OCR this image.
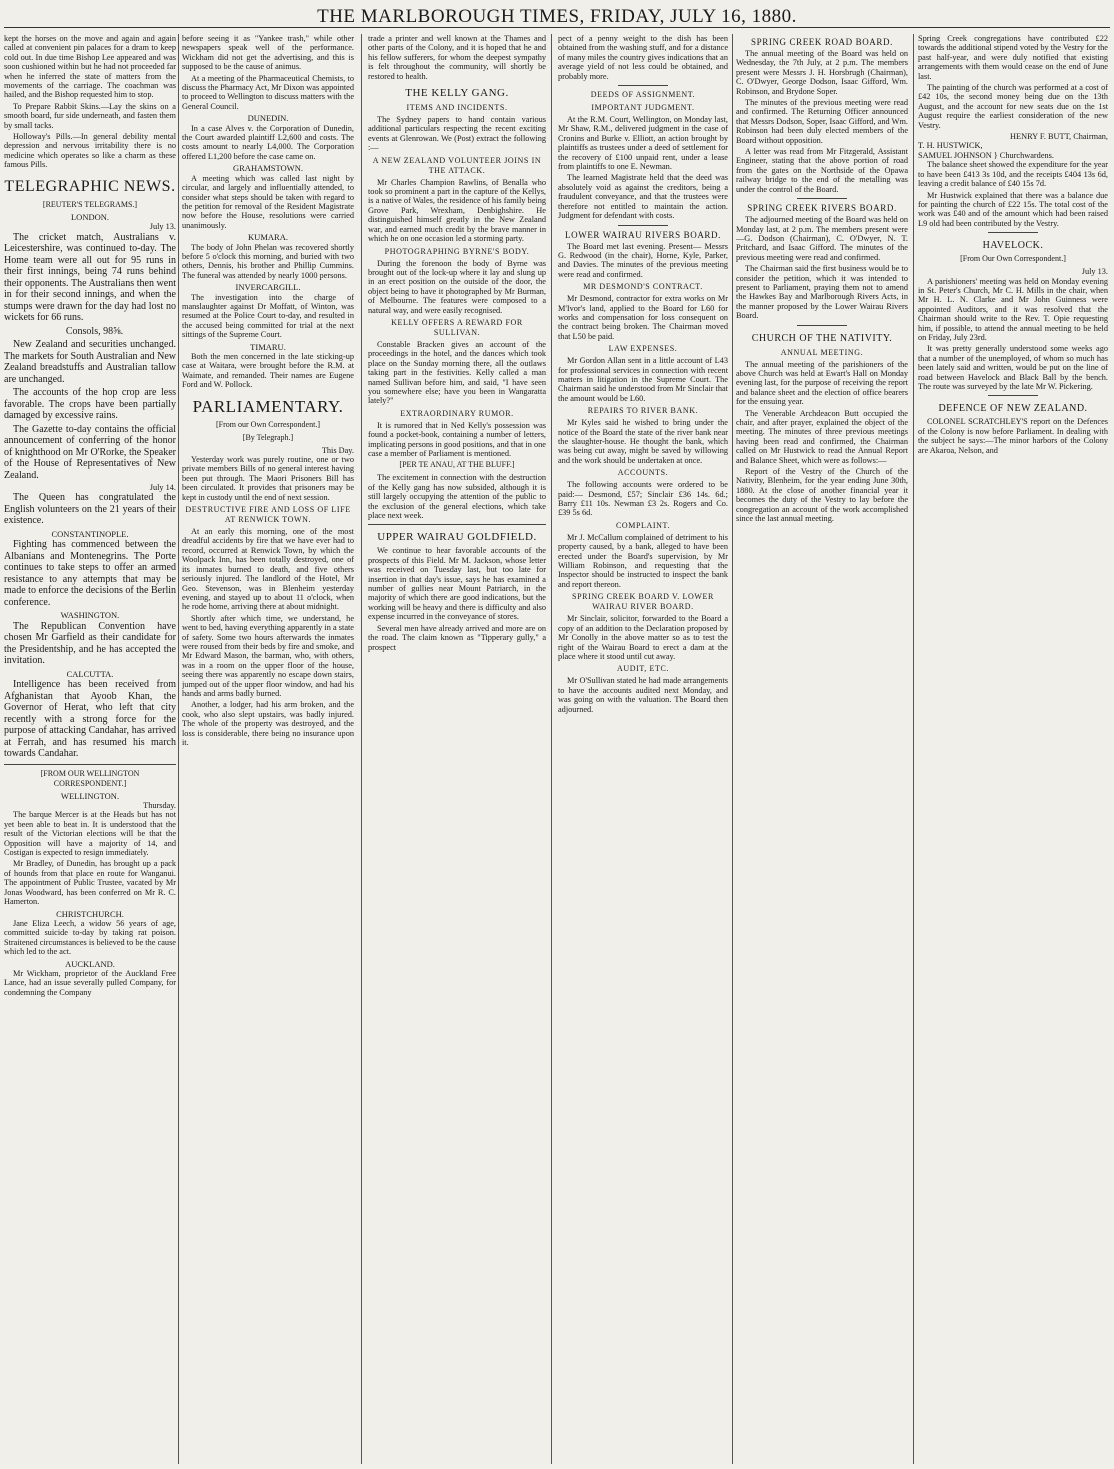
THE MARLBOROUGH TIMES, FRIDAY, JULY 16, 1880.

kept the horses on the move and again and again called at convenient pin palaces for a dram to keep cold out. In due time Bishop Lee appeared and was soon cushioned within but he had not proceeded far when he inferred the state of matters from the movements of the carriage. The coachman was hailed, and the Bishop requested him to stop.

To Prepare Rabbit Skins.—Lay the skins on a smooth board, fur side underneath, and fasten them by small tacks.

Holloway's Pills.—In general debility mental depression and nervous irritability there is no medicine which operates so like a charm as these famous Pills.

TELEGRAPHIC NEWS.
[REUTER'S TELEGRAMS.]
LONDON.
July 13.

The cricket match, Australians v. Leicestershire, was continued to-day. The Home team were all out for 95 runs in their first innings, being 74 runs behind their opponents. The Australians then went in for their second innings, and when the stumps were drawn for the day had lost no wickets for 66 runs.

Consols, 98⅝.

New Zealand and securities unchanged. The markets for South Australian and New Zealand breadstuffs and Australian tallow are unchanged.

The accounts of the hop crop are less favorable. The crops have been partially damaged by excessive rains.

The Gazette to-day contains the official announcement of conferring of the honor of knighthood on Mr O'Rorke, the Speaker of the House of Representatives of New Zealand.

July 14.

The Queen has congratulated the English volunteers on the 21 years of their existence.

CONSTANTINOPLE.

Fighting has commenced between the Albanians and Montenegrins. The Porte continues to take steps to offer an armed resistance to any attempts that may be made to enforce the decisions of the Berlin conference.

WASHINGTON.

The Republican Convention have chosen Mr Garfield as their candidate for the Presidentship, and he has accepted the invitation.

CALCUTTA.

Intelligence has been received from Afghanistan that Ayoob Khan, the Governor of Herat, who left that city recently with a strong force for the purpose of attacking Candahar, has arrived at Ferrah, and has resumed his march towards Candahar.

[FROM OUR WELLINGTON CORRESPONDENT.]
WELLINGTON.
Thursday.

The barque Mercer is at the Heads but has not yet been able to beat in. It is understood that the result of the Victorian elections will be that the Opposition will have a majority of 14, and Costigan is expected to resign immediately.

Mr Bradley, of Dunedin, has brought up a pack of hounds from that place en route for Wanganui. The appointment of Public Trustee, vacated by Mr Jonas Woodward, has been conferred on Mr R. C. Hamerton.

CHRISTCHURCH.

Jane Eliza Leech, a widow 56 years of age, committed suicide to-day by taking rat poison. Straitened circumstances is believed to be the cause which led to the act.

AUCKLAND.

Mr Wickham, proprietor of the Auckland Free Lance, had an issue severally pulled Company, for condemning the Company

before seeing it as "Yankee trash," while other newspapers speak well of the performance. Wickham did not get the advertising, and this is supposed to be the cause of animus.

At a meeting of the Pharmaceutical Chemists, to discuss the Pharmacy Act, Mr Dixon was appointed to proceed to Wellington to discuss matters with the General Council.

DUNEDIN.

In a case Alves v. the Corporation of Dunedin, the Court awarded plaintiff L2,600 and costs. The costs amount to nearly L4,000. The Corporation offered L1,200 before the case came on.

GRAHAMSTOWN.

A meeting which was called last night by circular, and largely and influentially attended, to consider what steps should be taken with regard to the petition for removal of the Resident Magistrate now before the House, resolutions were carried unanimously.

KUMARA.

The body of John Phelan was recovered shortly before 5 o'clock this morning, and buried with two others, Dennis, his brother and Phillip Cummins. The funeral was attended by nearly 1000 persons.

INVERCARGILL.

The investigation into the charge of manslaughter against Dr Moffatt, of Winton, was resumed at the Police Court to-day, and resulted in the accused being committed for trial at the next sittings of the Supreme Court.

TIMARU.

Both the men concerned in the late sticking-up case at Waitara, were brought before the R.M. at Waimate, and remanded. Their names are Eugene Ford and W. Pollock.

PARLIAMENTARY.
[From our Own Correspondent.]
[By Telegraph.]
This Day.

Yesterday work was purely routine, one or two private members Bills of no general interest having been put through. The Maori Prisoners Bill has been circulated. It provides that prisoners may be kept in custody until the end of next session.

DESTRUCTIVE FIRE AND LOSS OF LIFE AT RENWICK TOWN.

At an early this morning, one of the most dreadful accidents by fire that we have ever had to record, occurred at Renwick Town, by which the Woolpack Inn, has been totally destroyed, one of its inmates burned to death, and five others seriously injured. The landlord of the Hotel, Mr Geo. Stevenson, was in Blenheim yesterday evening, and stayed up to about 11 o'clock, when he rode home, arriving there at about midnight.

Shortly after which time, we understand, he went to bed, having everything apparently in a state of safety. Some two hours afterwards the inmates were roused from their beds by fire and smoke, and Mr Edward Mason, the barman, who, with others, was in a room on the upper floor of the house, seeing there was apparently no escape down stairs, jumped out of the upper floor window, and had his hands and arms badly burned.

Another, a lodger, had his arm broken, and the cook, who also slept upstairs, was badly injured. The whole of the property was destroyed, and the loss is considerable, there being no insurance upon it.

trade a printer and well known at the Thames and other parts of the Colony, and it is hoped that he and his fellow sufferers, for whom the deepest sympathy is felt throughout the community, will shortly be restored to health.

THE KELLY GANG.
ITEMS AND INCIDENTS.

The Sydney papers to hand contain various additional particulars respecting the recent exciting events at Glenrowan. We (Post) extract the following :—

A NEW ZEALAND VOLUNTEER JOINS IN THE ATTACK.

Mr Charles Champion Rawlins, of Benalla who took so prominent a part in the capture of the Kellys, is a native of Wales, the residence of his family being Grove Park, Wrexham, Denbighshire. He distinguished himself greatly in the New Zealand war, and earned much credit by the brave manner in which he on one occasion led a storming party.

PHOTOGRAPHING BYRNE'S BODY.

During the forenoon the body of Byrne was brought out of the lock-up where it lay and slung up in an erect position on the outside of the door, the object being to have it photographed by Mr Burman, of Melbourne. The features were composed to a natural way, and were easily recognised.

KELLY OFFERS A REWARD FOR SULLIVAN.

Constable Bracken gives an account of the proceedings in the hotel, and the dances which took place on the Sunday morning there, all the outlaws taking part in the festivities. Kelly called a man named Sullivan before him, and said, "I have seen you somewhere else; have you been in Wangaratta lately?"

EXTRAORDINARY RUMOR.

It is rumored that in Ned Kelly's possession was found a pocket-book, containing a number of letters, implicating persons in good positions, and that in one case a member of Parliament is mentioned.

[PER TE ANAU, AT THE BLUFF.]

The excitement in connection with the destruction of the Kelly gang has now subsided, although it is still largely occupying the attention of the public to the exclusion of the general elections, which take place next week.

UPPER WAIRAU GOLDFIELD.

We continue to hear favorable accounts of the prospects of this Field. Mr M. Jackson, whose letter was received on Tuesday last, but too late for insertion in that day's issue, says he has examined a number of gullies near Mount Patriarch, in the majority of which there are good indications, but the working will be heavy and there is difficulty and also expense incurred in the conveyance of stores.

Several men have already arrived and more are on the road. The claim known as "Tipperary gully," a prospect

pect of a penny weight to the dish has been obtained from the washing stuff, and for a distance of many miles the country gives indications that an average yield of not less could be obtained, and probably more.

DEEDS OF ASSIGNMENT.
IMPORTANT JUDGMENT.

At the R.M. Court, Wellington, on Monday last, Mr Shaw, R.M., delivered judgment in the case of Cronins and Burke v. Elliott, an action brought by plaintiffs as trustees under a deed of settlement for the recovery of £100 unpaid rent, under a lease from plaintiffs to one E. Newman.

The learned Magistrate held that the deed was absolutely void as against the creditors, being a fraudulent conveyance, and that the trustees were therefore not entitled to maintain the action. Judgment for defendant with costs.

LOWER WAIRAU RIVERS BOARD.

The Board met last evening. Present— Messrs G. Redwood (in the chair), Horne, Kyle, Parker, and Davies. The minutes of the previous meeting were read and confirmed.

MR DESMOND'S CONTRACT.

Mr Desmond, contractor for extra works on Mr M'Ivor's land, applied to the Board for L60 for works and compensation for loss consequent on the contract being broken. The Chairman moved that L50 be paid.

LAW EXPENSES.

Mr Gordon Allan sent in a little account of L43 for professional services in connection with recent matters in litigation in the Supreme Court. The Chairman said he understood from Mr Sinclair that the amount would be L60.

REPAIRS TO RIVER BANK.

Mr Kyles said he wished to bring under the notice of the Board the state of the river bank near the slaughter-house. He thought the bank, which was being cut away, might be saved by willowing and the work should be undertaken at once.

ACCOUNTS.

The following accounts were ordered to be paid:— Desmond, £57; Sinclair £36 14s. 6d.; Barry £11 10s. Newman £3 2s. Rogers and Co. £39 5s 6d.

COMPLAINT.

Mr J. McCallum complained of detriment to his property caused, by a bank, alleged to have been erected under the Board's supervision, by Mr William Robinson, and requesting that the Inspector should be instructed to inspect the bank and report thereon.

SPRING CREEK BOARD V. LOWER WAIRAU RIVER BOARD.

Mr Sinclair, solicitor, forwarded to the Board a copy of an addition to the Declaration proposed by Mr Conolly in the above matter so as to test the right of the Wairau Board to erect a dam at the place where it stood until cut away.

AUDIT, ETC.

Mr O'Sullivan stated he had made arrangements to have the accounts audited next Monday, and was going on with the valuation. The Board then adjourned.

SPRING CREEK ROAD BOARD.

The annual meeting of the Board was held on Wednesday, the 7th July, at 2 p.m. The members present were Messrs J. H. Horsbrugh (Chairman), C. O'Dwyer, George Dodson, Isaac Gifford, Wm. Robinson, and Brydone Soper.

The minutes of the previous meeting were read and confirmed. The Returning Officer announced that Messrs Dodson, Soper, Isaac Gifford, and Wm. Robinson had been duly elected members of the Board without opposition.

A letter was read from Mr Fitzgerald, Assistant Engineer, stating that the above portion of road from the gates on the Northside of the Opawa railway bridge to the end of the metalling was under the control of the Board.

SPRING CREEK RIVERS BOARD.

The adjourned meeting of the Board was held on Monday last, at 2 p.m. The members present were—G. Dodson (Chairman), C. O'Dwyer, N. T. Pritchard, and Isaac Gifford. The minutes of the previous meeting were read and confirmed.

The Chairman said the first business would be to consider the petition, which it was intended to present to Parliament, praying them not to amend the Hawkes Bay and Marlborough Rivers Acts, in the manner proposed by the Lower Wairau Rivers Board.

CHURCH OF THE NATIVITY.
ANNUAL MEETING.

The annual meeting of the parishioners of the above Church was held at Ewart's Hall on Monday evening last, for the purpose of receiving the report and balance sheet and the election of office bearers for the ensuing year.

The Venerable Archdeacon Butt occupied the chair, and after prayer, explained the object of the meeting. The minutes of three previous meetings having been read and confirmed, the Chairman called on Mr Hustwick to read the Annual Report and Balance Sheet, which were as follows:—

Report of the Vestry of the Church of the Nativity, Blenheim, for the year ending June 30th, 1880. At the close of another financial year it becomes the duty of the Vestry to lay before the congregation an account of the work accomplished since the last annual meeting.

Spring Creek congregations have contributed £22 towards the additional stipend voted by the Vestry for the past half-year, and were duly notified that existing arrangements with them would cease on the end of June last.

The painting of the church was performed at a cost of £42 10s, the second money being due on the 13th August, and the account for new seats due on the 1st August require the earliest consideration of the new Vestry.

HENRY F. BUTT, Chairman,
T. H. HUSTWICK,
SAMUEL JOHNSON } Churchwardens.

The balance sheet showed the expenditure for the year to have been £413 3s 10d, and the receipts £404 13s 6d, leaving a credit balance of £40 15s 7d.

Mr Hustwick explained that there was a balance due for painting the church of £22 15s. The total cost of the work was £40 and of the amount which had been raised L9 old had been contributed by the Vestry.

HAVELOCK.
[From Our Own Correspondent.]
July 13.

A parishioners' meeting was held on Monday evening in St. Peter's Church, Mr C. H. Mills in the chair, when Mr H. L. N. Clarke and Mr John Guinness were appointed Auditors, and it was resolved that the Chairman should write to the Rev. T. Opie requesting him, if possible, to attend the annual meeting to be held on Friday, July 23rd.

It was pretty generally understood some weeks ago that a number of the unemployed, of whom so much has been lately said and written, would be put on the line of road between Havelock and Black Ball by the bench. The route was surveyed by the late Mr W. Pickering.

DEFENCE OF NEW ZEALAND.

COLONEL SCRATCHLEY'S report on the Defences of the Colony is now before Parliament. In dealing with the subject he says:—The minor harbors of the Colony are Akaroa, Nelson, and
